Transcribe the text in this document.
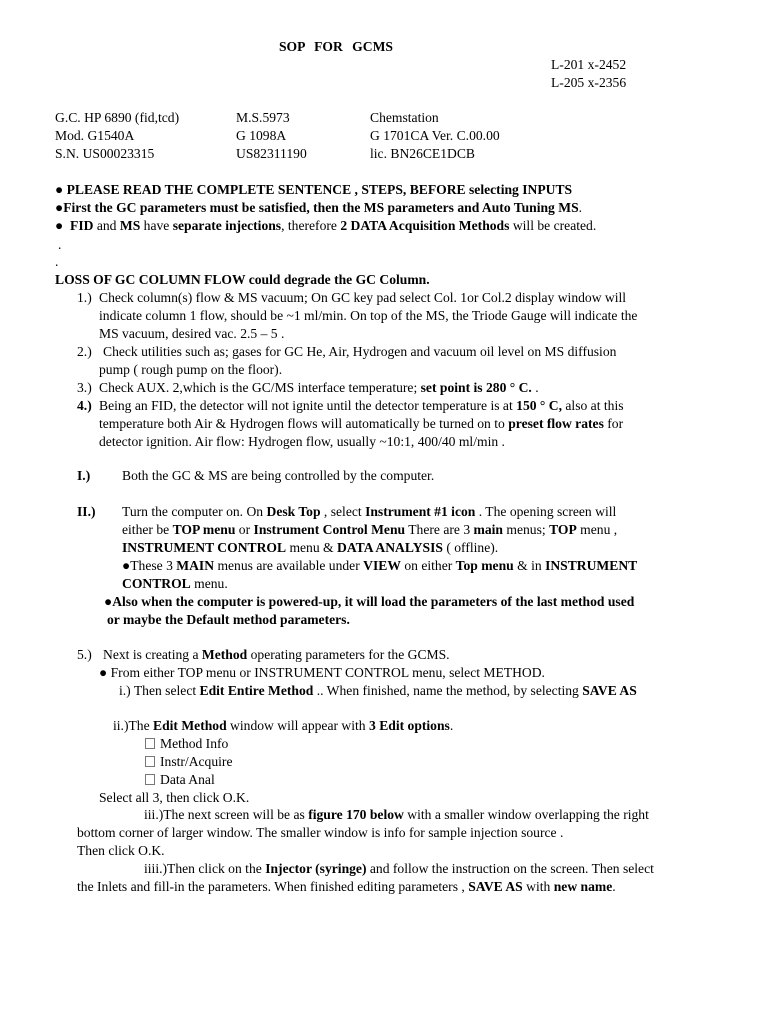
SOP FOR GCMS
L-201 x-2452
L-205 x-2356
G.C. HP 6890 (fid,tcd)
Mod. G1540A
S.N. US00023315
M.S.5973
G 1098A
US82311190
Chemstation
G 1701CA Ver. C.00.00
lic. BN26CE1DCB
● PLEASE READ THE COMPLETE SENTENCE , STEPS, BEFORE selecting INPUTS
●First the GC parameters must be satisfied, then the MS parameters and Auto Tuning MS.
● FID and MS have separate injections, therefore 2 DATA Acquisition Methods will be created.
.
.
LOSS OF GC COLUMN FLOW could degrade the GC Column.
1.) Check column(s) flow & MS vacuum; On GC key pad select Col. 1or Col.2 display window will
indicate column 1 flow, should be ~1 ml/min. On top of the MS, the Triode Gauge will indicate the
MS vacuum, desired vac. 2.5 – 5 .
2.) Check utilities such as; gases for GC He, Air, Hydrogen and vacuum oil level on MS diffusion
pump ( rough pump on the floor).
3.) Check AUX. 2,which is the GC/MS interface temperature; set point is 280 ° C. .
4.) Being an FID, the detector will not ignite until the detector temperature is at 150 ° C, also at this
temperature both Air & Hydrogen flows will automatically be turned on to preset flow rates for
detector ignition. Air flow: Hydrogen flow, usually ~10:1, 400/40 ml/min .
I.) Both the GC & MS are being controlled by the computer.
II.) Turn the computer on. On Desk Top , select Instrument #1 icon . The opening screen will
either be TOP menu or Instrument Control Menu There are 3 main menus; TOP menu ,
INSTRUMENT CONTROL menu & DATA ANALYSIS ( offline).
●These 3 MAIN menus are available under VIEW on either Top menu & in INSTRUMENT
CONTROL menu.
●Also when the computer is powered-up, it will load the parameters of the last method used
or maybe the Default method parameters.
5.) Next is creating a Method operating parameters for the GCMS.
● From either TOP menu or INSTRUMENT CONTROL menu, select METHOD.
i.) Then select Edit Entire Method .. When finished, name the method, by selecting SAVE AS
ii.)The Edit Method window will appear with 3 Edit options.
Method Info
Instr/Acquire
Data Anal
Select all 3, then click O.K.
iii.)The next screen will be as figure 170 below with a smaller window overlapping the right
bottom corner of larger window. The smaller window is info for sample injection source .
Then click O.K.
iiii.)Then click on the Injector (syringe) and follow the instruction on the screen. Then select
the Inlets and fill-in the parameters. When finished editing parameters , SAVE AS with new name.
